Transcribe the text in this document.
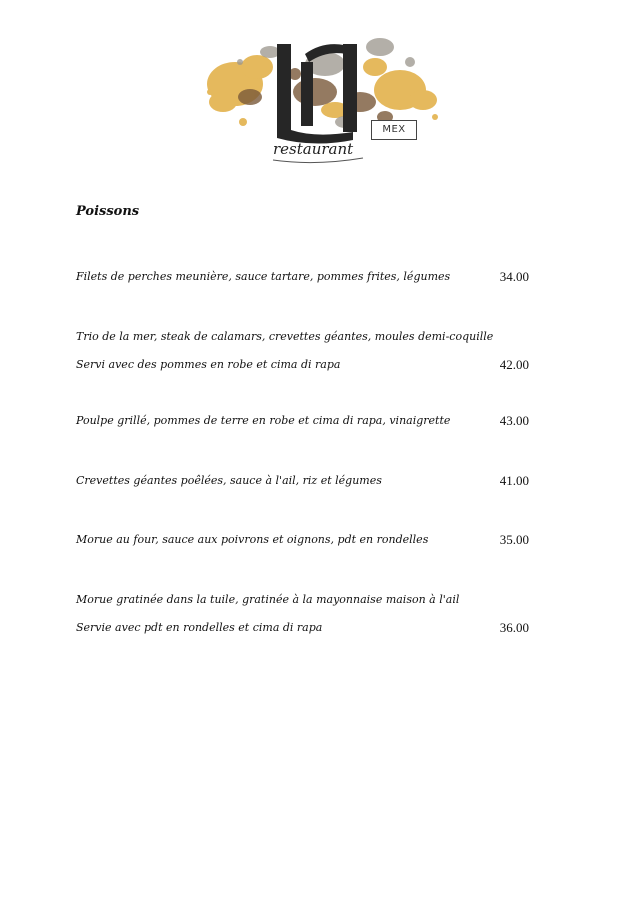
MEX
restaurant
Poissons
Filets de perches meunière, sauce tartare, pommes frites, légumes	34.00
Trio de la mer, steak de calamars, crevettes géantes, moules demi-coquille
Servi avec des pommes en robe et cima di rapa	42.00
Poulpe grillé, pommes de terre en robe et cima di rapa, vinaigrette	43.00
Crevettes géantes poêlées, sauce à l'ail, riz et légumes	41.00
Morue au four, sauce aux poivrons et oignons, pdt en rondelles	35.00
Morue gratinée dans la tuile, gratinée à la mayonnaise maison à l'ail
Servie avec pdt en rondelles et cima di rapa	36.00
